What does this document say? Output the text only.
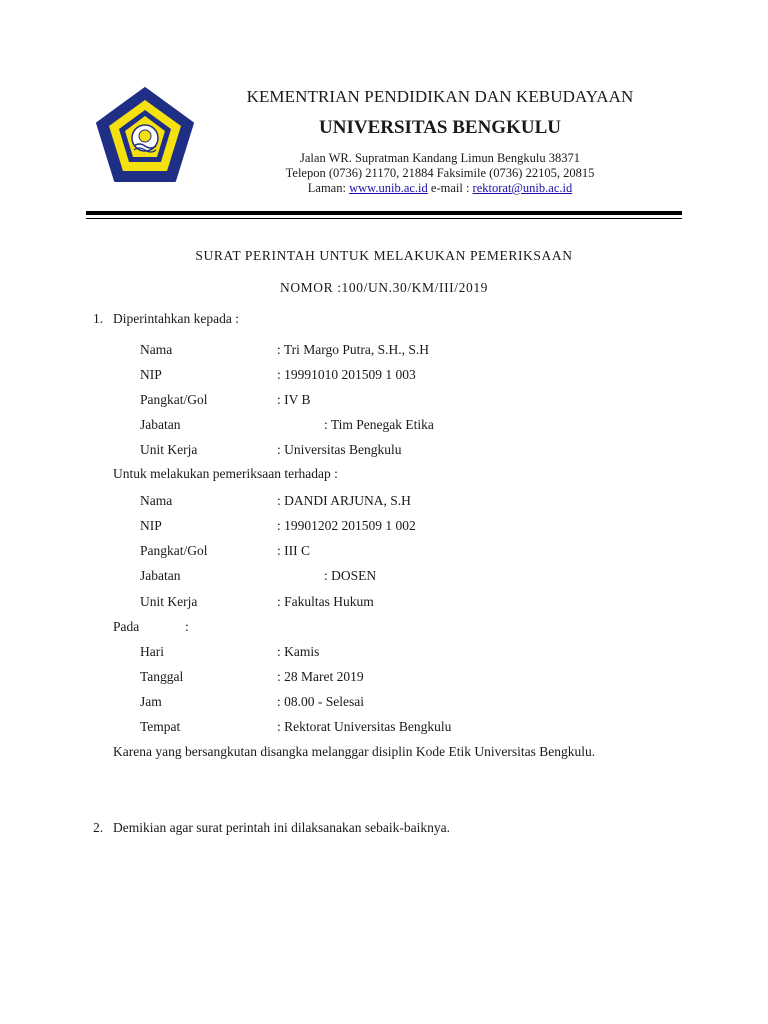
KEMENTRIAN PENDIDIKAN DAN KEBUDAYAAN
UNIVERSITAS BENGKULU
Jalan WR. Supratman Kandang Limun Bengkulu 38371
Telepon (0736) 21170, 21884 Faksimile (0736) 22105, 20815
Laman: www.unib.ac.id e-mail : rektorat@unib.ac.id
SURAT PERINTAH UNTUK MELAKUKAN PEMERIKSAAN
NOMOR :100/UN.30/KM/III/2019
1. Diperintahkan kepada :
Nama	: Tri Margo Putra, S.H., S.H
NIP	: 19991010 201509 1 003
Pangkat/Gol	: IV B
Jabatan	: Tim Penegak Etika
Unit Kerja	: Universitas Bengkulu
Untuk melakukan pemeriksaan terhadap :
Nama	: DANDI ARJUNA, S.H
NIP	: 19901202 201509 1 002
Pangkat/Gol	: III C
Jabatan	: DOSEN
Unit Kerja	: Fakultas Hukum
Pada	:
Hari	: Kamis
Tanggal	: 28 Maret 2019
Jam	: 08.00 - Selesai
Tempat	: Rektorat Universitas Bengkulu
Karena yang bersangkutan disangka melanggar disiplin Kode Etik Universitas Bengkulu.
2. Demikian agar surat perintah ini dilaksanakan sebaik-baiknya.
